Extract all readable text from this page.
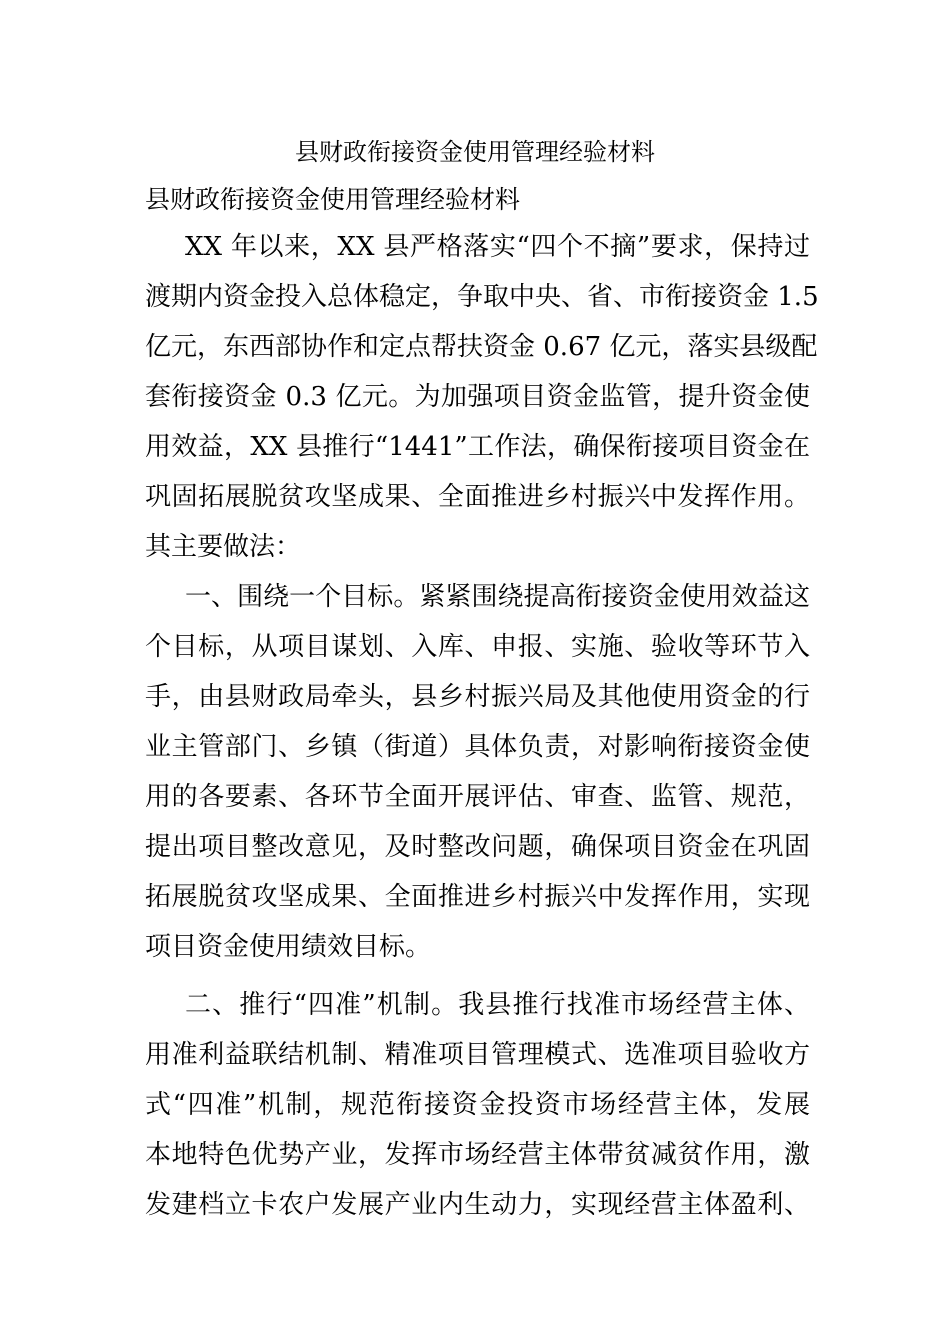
县财政衔接资金使用管理经验材料
县财政衔接资金使用管理经验材料
XX 年以来，XX 县严格落实“四个不摘”要求，保持过
渡期内资金投入总体稳定，争取中央、省、市衔接资金 1.5
亿元，东西部协作和定点帮扶资金 0.67 亿元，落实县级配
套衔接资金 0.3 亿元。为加强项目资金监管，提升资金使
用效益，XX 县推行“1441”工作法，确保衔接项目资金在
巩固拓展脱贫攻坚成果、全面推进乡村振兴中发挥作用。
其主要做法：
一、围绕一个目标。紧紧围绕提高衔接资金使用效益这
个目标，从项目谋划、入库、申报、实施、验收等环节入
手，由县财政局牵头，县乡村振兴局及其他使用资金的行
业主管部门、乡镇（街道）具体负责，对影响衔接资金使
用的各要素、各环节全面开展评估、审查、监管、规范，
提出项目整改意见，及时整改问题，确保项目资金在巩固
拓展脱贫攻坚成果、全面推进乡村振兴中发挥作用，实现
项目资金使用绩效目标。
二、推行“四准”机制。我县推行找准市场经营主体、
用准利益联结机制、精准项目管理模式、选准项目验收方
式“四准”机制，规范衔接资金投资市场经营主体，发展
本地特色优势产业，发挥市场经营主体带贫减贫作用，激
发建档立卡农户发展产业内生动力，实现经营主体盈利、
